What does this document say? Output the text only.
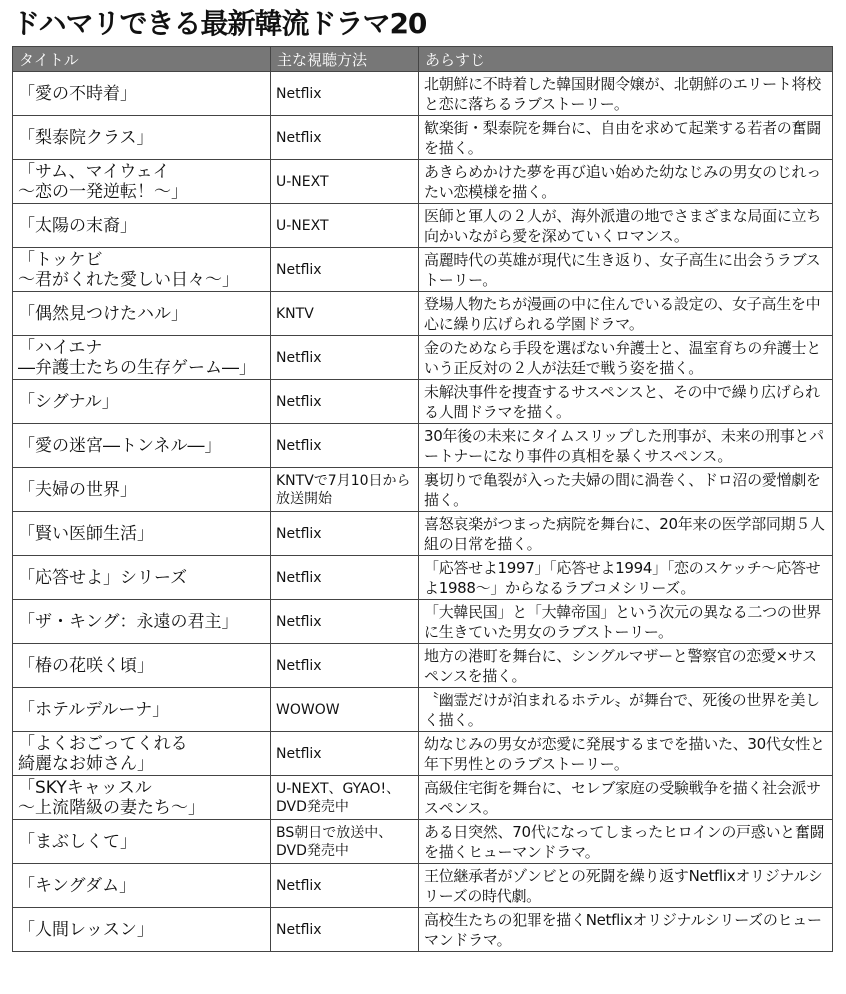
ドハマリできる最新韓流ドラマ20
タイトル	主な視聴方法	あらすじ
「愛の不時着」	Netflix	北朝鮮に不時着した韓国財閥令嬢が、北朝鮮のエリート将校と恋に落ちるラブストーリー。
「梨泰院クラス」	Netflix	歓楽街・梨泰院を舞台に、自由を求めて起業する若者の奮闘を描く。
「サム、マイウェイ
〜恋の一発逆転！〜」	U-NEXT	あきらめかけた夢を再び追い始めた幼なじみの男女のじれったい恋模様を描く。
「太陽の末裔」	U-NEXT	医師と軍人の２人が、海外派遣の地でさまざまな局面に立ち向かいながら愛を深めていくロマンス。
「トッケビ
〜君がくれた愛しい日々〜」	Netflix	高麗時代の英雄が現代に生き返り、女子高生に出会うラブストーリー。
「偶然見つけたハル」	KNTV	登場人物たちが漫画の中に住んでいる設定の、女子高生を中心に繰り広げられる学園ドラマ。
「ハイエナ
―弁護士たちの生存ゲーム―」	Netflix	金のためなら手段を選ばない弁護士と、温室育ちの弁護士という正反対の２人が法廷で戦う姿を描く。
「シグナル」	Netflix	未解決事件を捜査するサスペンスと、その中で繰り広げられる人間ドラマを描く。
「愛の迷宮―トンネル―」	Netflix	30年後の未来にタイムスリップした刑事が、未来の刑事とパートナーになり事件の真相を暴くサスペンス。
「夫婦の世界」	KNTVで7月10日から
放送開始	裏切りで亀裂が入った夫婦の間に渦巻く、ドロ沼の愛憎劇を描く。
「賢い医師生活」	Netflix	喜怒哀楽がつまった病院を舞台に、20年来の医学部同期５人組の日常を描く。
「応答せよ」シリーズ	Netflix	「応答せよ1997」「応答せよ1994」「恋のスケッチ〜応答せよ1988〜」からなるラブコメシリーズ。
「ザ・キング：永遠の君主」	Netflix	「大韓民国」と「大韓帝国」という次元の異なる二つの世界に生きていた男女のラブストーリー。
「椿の花咲く頃」	Netflix	地方の港町を舞台に、シングルマザーと警察官の恋愛×サスペンスを描く。
「ホテルデルーナ」	WOWOW	〝幽霊だけが泊まれるホテル〟が舞台で、死後の世界を美しく描く。
「よくおごってくれる
綺麗なお姉さん」	Netflix	幼なじみの男女が恋愛に発展するまでを描いた、30代女性と年下男性とのラブストーリー。
「SKYキャッスル
〜上流階級の妻たち〜」	U-NEXT、GYAO!、
DVD発売中	高級住宅街を舞台に、セレブ家庭の受験戦争を描く社会派サスペンス。
「まぶしくて」	BS朝日で放送中、
DVD発売中	ある日突然、70代になってしまったヒロインの戸惑いと奮闘を描くヒューマンドラマ。
「キングダム」	Netflix	王位継承者がゾンビとの死闘を繰り返すNetflixオリジナルシリーズの時代劇。
「人間レッスン」	Netflix	高校生たちの犯罪を描くNetflixオリジナルシリーズのヒューマンドラマ。
